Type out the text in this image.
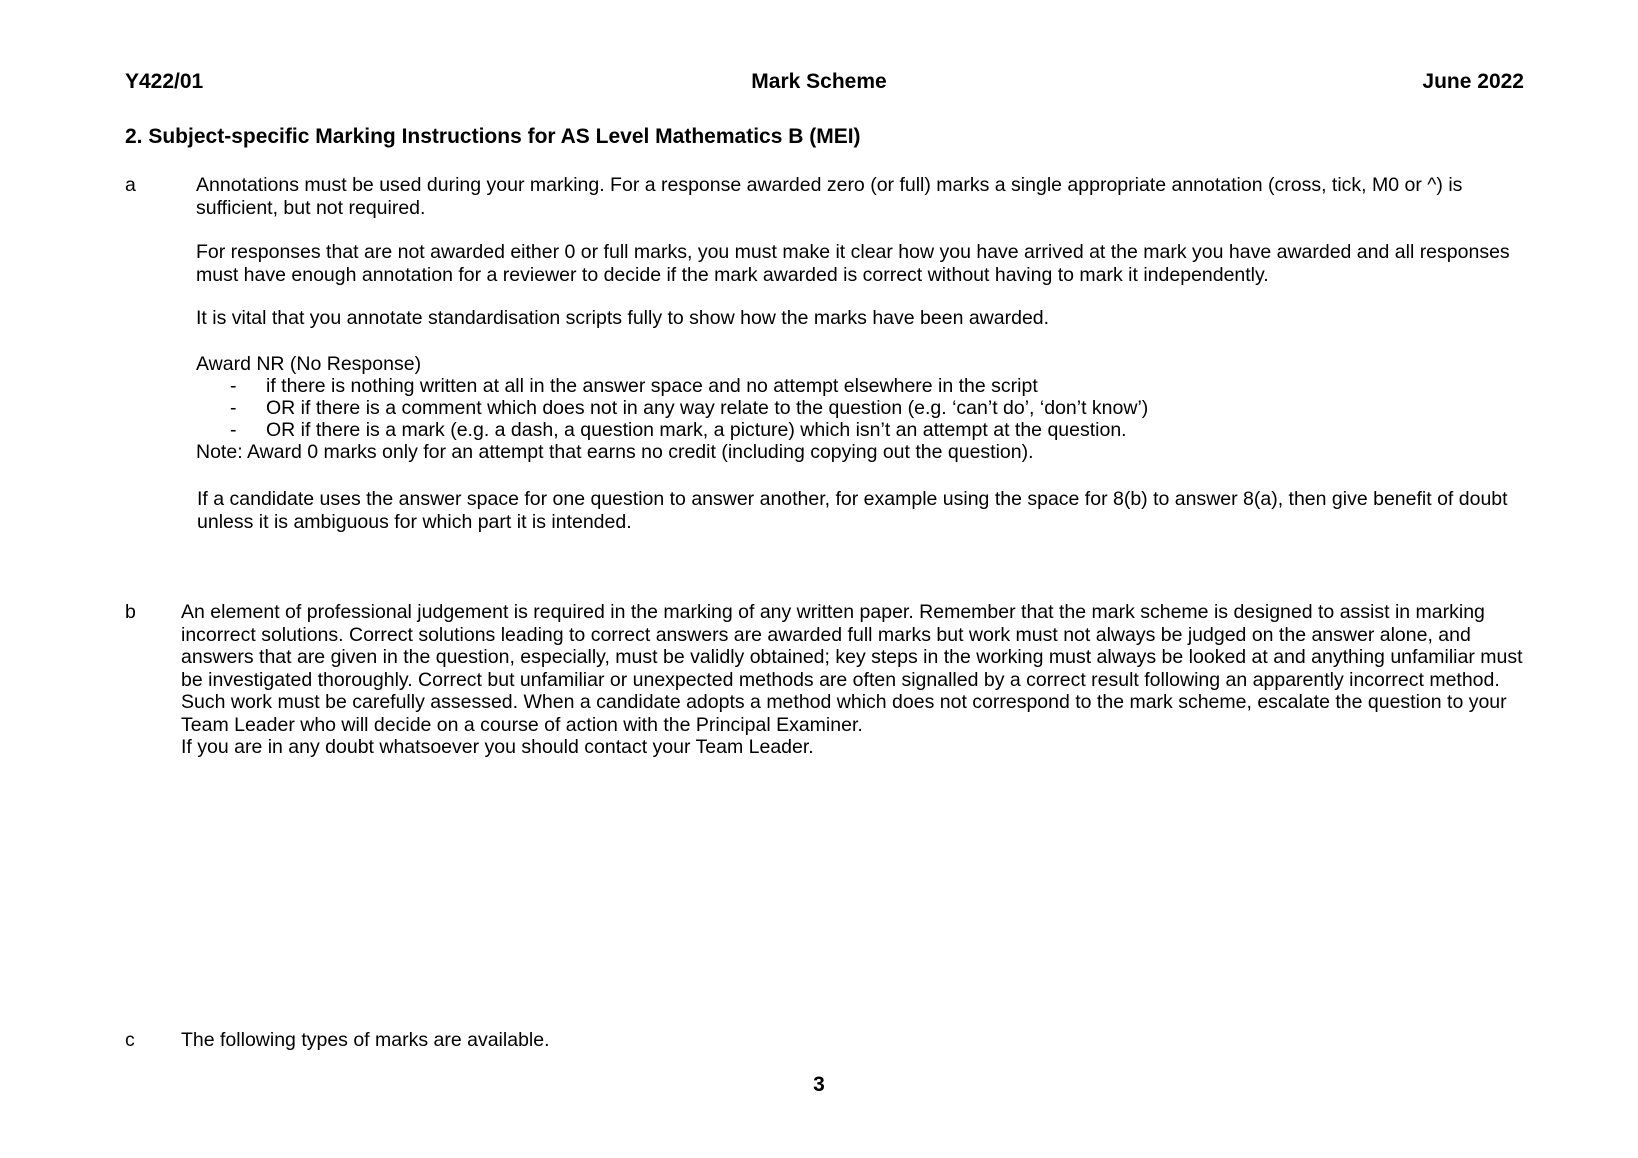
Y422/01	Mark Scheme	June 2022
2. Subject-specific Marking Instructions for AS Level Mathematics B (MEI)
a	Annotations must be used during your marking. For a response awarded zero (or full) marks a single appropriate annotation (cross, tick, M0 or ^) is sufficient, but not required.
For responses that are not awarded either 0 or full marks, you must make it clear how you have arrived at the mark you have awarded and all responses must have enough annotation for a reviewer to decide if the mark awarded is correct without having to mark it independently.
It is vital that you annotate standardisation scripts fully to show how the marks have been awarded.
Award NR (No Response)
- if there is nothing written at all in the answer space and no attempt elsewhere in the script
- OR if there is a comment which does not in any way relate to the question (e.g. ‘can’t do’, ‘don’t know’)
- OR if there is a mark (e.g. a dash, a question mark, a picture) which isn’t an attempt at the question.
Note: Award 0 marks only for an attempt that earns no credit (including copying out the question).
If a candidate uses the answer space for one question to answer another, for example using the space for 8(b) to answer 8(a), then give benefit of doubt unless it is ambiguous for which part it is intended.
b An element of professional judgement is required in the marking of any written paper. Remember that the mark scheme is designed to assist in marking incorrect solutions. Correct solutions leading to correct answers are awarded full marks but work must not always be judged on the answer alone, and answers that are given in the question, especially, must be validly obtained; key steps in the working must always be looked at and anything unfamiliar must be investigated thoroughly. Correct but unfamiliar or unexpected methods are often signalled by a correct result following an apparently incorrect method. Such work must be carefully assessed. When a candidate adopts a method which does not correspond to the mark scheme, escalate the question to your Team Leader who will decide on a course of action with the Principal Examiner.
If you are in any doubt whatsoever you should contact your Team Leader.
c The following types of marks are available.
3
